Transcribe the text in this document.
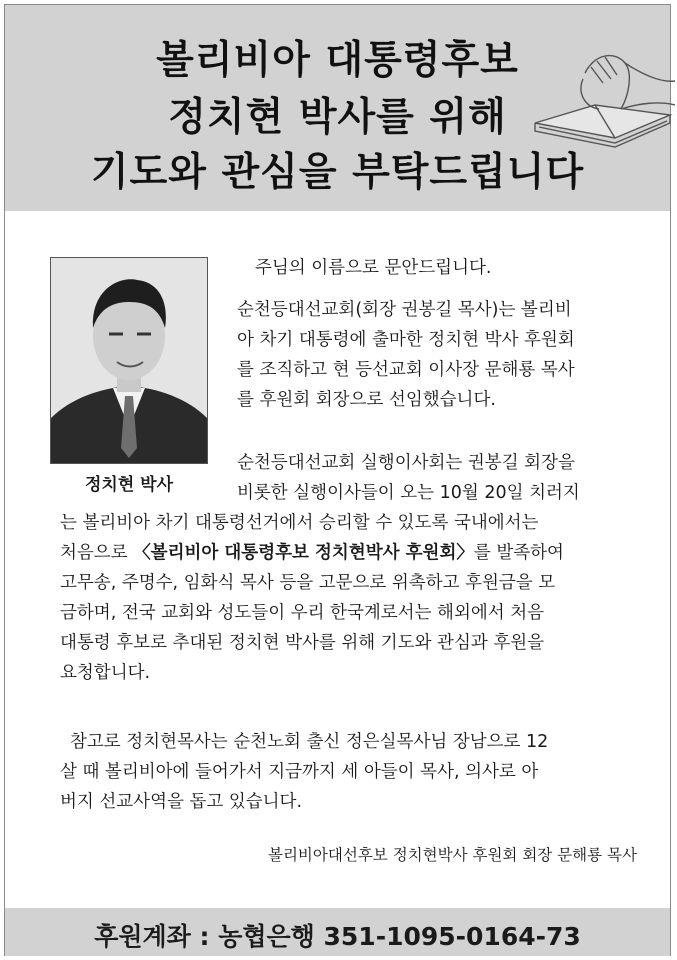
볼리비아 대통령후보
정치현 박사를 위해
기도와 관심을 부탁드립니다
정치현 박사
주님의 이름으로 문안드립니다.
순천등대선교회(회장 권봉길 목사)는 볼리비
아 차기 대통령에 출마한 정치현 박사 후원회
를 조직하고 현 등선교회 이사장 문해룡 목사
를 후원회 회장으로 선임했습니다.
순천등대선교회 실행이사회는 권봉길 회장을
비롯한 실행이사들이 오는 10월 20일 치러지
는 볼리비아 차기 대통령선거에서 승리할 수 있도록 국내에서는
처음으로 〈볼리비아 대통령후보 정치현박사 후원회〉를 발족하여
고무송, 주명수, 임화식 목사 등을 고문으로 위촉하고 후원금을 모
금하며, 전국 교회와 성도들이 우리 한국계로서는 해외에서 처음
대통령 후보로 추대된 정치현 박사를 위해 기도와 관심과 후원을
요청합니다.
참고로 정치현목사는 순천노회 출신 정은실목사님 장남으로 12
살 때 볼리비아에 들어가서 지금까지 세 아들이 목사, 의사로 아
버지 선교사역을 돕고 있습니다.
볼리비아대선후보 정치현박사 후원회 회장 문해룡 목사
후원계좌 : 농협은행 351-1095-0164-73
